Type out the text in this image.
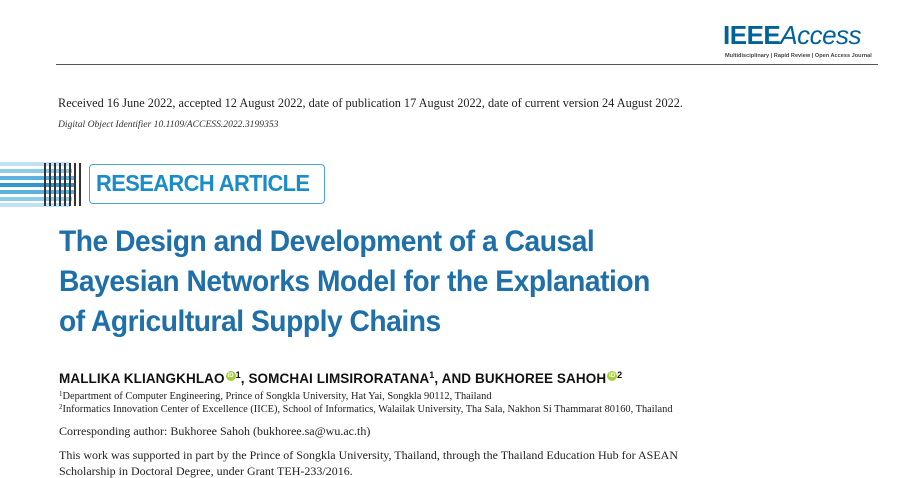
IEEEAccess
Multidisciplinary | Rapid Review | Open Access Journal
Received 16 June 2022, accepted 12 August 2022, date of publication 17 August 2022, date of current version 24 August 2022.
Digital Object Identifier 10.1109/ACCESS.2022.3199353
RESEARCH ARTICLE
The Design and Development of a Causal
Bayesian Networks Model for the Explanation
of Agricultural Supply Chains
MALLIKA KLIANGKHLAO iD $^1$, SOMCHAI LIMSIRORATANA$^1$, AND BUKHOREE SAHOH iD $^2$
$^1$Department of Computer Engineering, Prince of Songkla University, Hat Yai, Songkla 90112, Thailand
$^2$Informatics Innovation Center of Excellence (IICE), School of Informatics, Walailak University, Tha Sala, Nakhon Si Thammarat 80160, Thailand
Corresponding author: Bukhoree Sahoh (bukhoree.sa@wu.ac.th)
This work was supported in part by the Prince of Songkla University, Thailand, through the Thailand Education Hub for ASEAN
Scholarship in Doctoral Degree, under Grant TEH-233/2016.
